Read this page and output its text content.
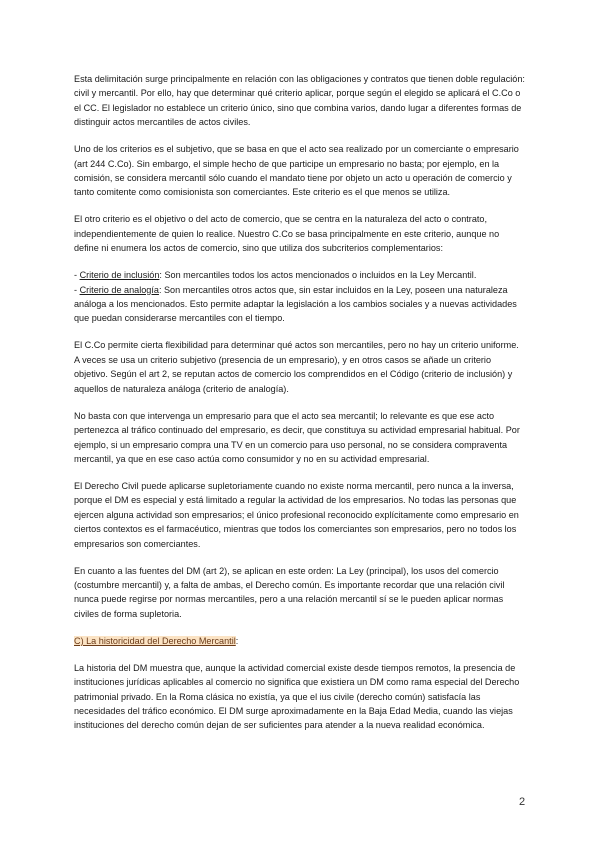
Esta delimitación surge principalmente en relación con las obligaciones y contratos que tienen doble regulación: civil y mercantil. Por ello, hay que determinar qué criterio aplicar, porque según el elegido se aplicará el C.Co o el CC. El legislador no establece un criterio único, sino que combina varios, dando lugar a diferentes formas de distinguir actos mercantiles de actos civiles.

Uno de los criterios es el subjetivo, que se basa en que el acto sea realizado por un comerciante o empresario (art 244 C.Co). Sin embargo, el simple hecho de que participe un empresario no basta; por ejemplo, en la comisión, se considera mercantil sólo cuando el mandato tiene por objeto un acto u operación de comercio y tanto comitente como comisionista son comerciantes. Este criterio es el que menos se utiliza.

El otro criterio es el objetivo o del acto de comercio, que se centra en la naturaleza del acto o contrato, independientemente de quien lo realice. Nuestro C.Co se basa principalmente en este criterio, aunque no define ni enumera los actos de comercio, sino que utiliza dos subcriterios complementarios:

- Criterio de inclusión: Son mercantiles todos los actos mencionados o incluidos en la Ley Mercantil.
- Criterio de analogía: Son mercantiles otros actos que, sin estar incluidos en la Ley, poseen una naturaleza análoga a los mencionados. Esto permite adaptar la legislación a los cambios sociales y a nuevas actividades que puedan considerarse mercantiles con el tiempo.

El C.Co permite cierta flexibilidad para determinar qué actos son mercantiles, pero no hay un criterio uniforme. A veces se usa un criterio subjetivo (presencia de un empresario), y en otros casos se añade un criterio objetivo. Según el art 2, se reputan actos de comercio los comprendidos en el Código (criterio de inclusión) y aquellos de naturaleza análoga (criterio de analogía).

No basta con que intervenga un empresario para que el acto sea mercantil; lo relevante es que ese acto pertenezca al tráfico continuado del empresario, es decir, que constituya su actividad empresarial habitual. Por ejemplo, si un empresario compra una TV en un comercio para uso personal, no se considera compraventa mercantil, ya que en ese caso actúa como consumidor y no en su actividad empresarial.

El Derecho Civil puede aplicarse supletoriamente cuando no existe norma mercantil, pero nunca a la inversa, porque el DM es especial y está limitado a regular la actividad de los empresarios. No todas las personas que ejercen alguna actividad son empresarios; el único profesional reconocido explícitamente como empresario en ciertos contextos es el farmacéutico, mientras que todos los comerciantes son empresarios, pero no todos los empresarios son comerciantes.

En cuanto a las fuentes del DM (art 2), se aplican en este orden: La Ley (principal), los usos del comercio (costumbre mercantil) y, a falta de ambas, el Derecho común. Es importante recordar que una relación civil nunca puede regirse por normas mercantiles, pero a una relación mercantil sí se le pueden aplicar normas civiles de forma supletoria.

C) La historicidad del Derecho Mercantil:

La historia del DM muestra que, aunque la actividad comercial existe desde tiempos remotos, la presencia de instituciones jurídicas aplicables al comercio no significa que existiera un DM como rama especial del Derecho patrimonial privado. En la Roma clásica no existía, ya que el ius civile (derecho común) satisfacía las necesidades del tráfico económico. El DM surge aproximadamente en la Baja Edad Media, cuando las viejas instituciones del derecho común dejan de ser suficientes para atender a la nueva realidad económica.

2
